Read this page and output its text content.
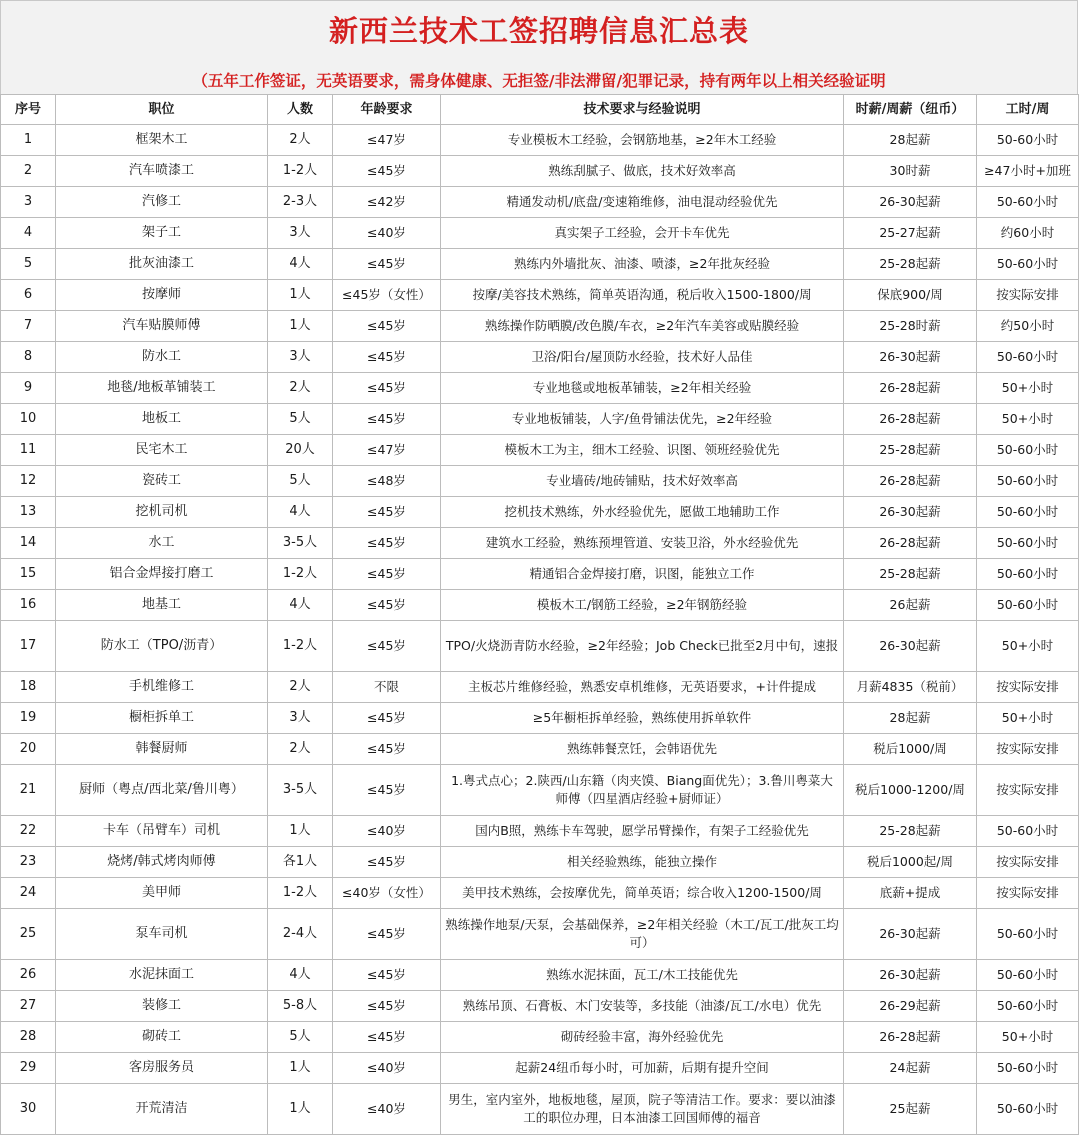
新西兰技术工签招聘信息汇总表
（五年工作签证，无英语要求，需身体健康、无拒签/非法滞留/犯罪记录，持有两年以上相关经验证明
序号	职位	人数	年龄要求	技术要求与经验说明	时薪/周薪（纽币）	工时/周
1	框架木工	2人	≤47岁	专业模板木工经验，会钢筋地基，≥2年木工经验	28起薪	50-60小时
2	汽车喷漆工	1-2人	≤45岁	熟练刮腻子、做底，技术好效率高	30时薪	≥47小时+加班
3	汽修工	2-3人	≤42岁	精通发动机/底盘/变速箱维修，油电混动经验优先	26-30起薪	50-60小时
4	架子工	3人	≤40岁	真实架子工经验，会开卡车优先	25-27起薪	约60小时
5	批灰油漆工	4人	≤45岁	熟练内外墙批灰、油漆、喷漆，≥2年批灰经验	25-28起薪	50-60小时
6	按摩师	1人	≤45岁（女性）	按摩/美容技术熟练，简单英语沟通，税后收入1500-1800/周	保底900/周	按实际安排
7	汽车贴膜师傅	1人	≤45岁	熟练操作防晒膜/改色膜/车衣，≥2年汽车美容或贴膜经验	25-28时薪	约50小时
8	防水工	3人	≤45岁	卫浴/阳台/屋顶防水经验，技术好人品佳	26-30起薪	50-60小时
9	地毯/地板革铺装工	2人	≤45岁	专业地毯或地板革铺装，≥2年相关经验	26-28起薪	50+小时
10	地板工	5人	≤45岁	专业地板铺装，人字/鱼骨铺法优先，≥2年经验	26-28起薪	50+小时
11	民宅木工	20人	≤47岁	模板木工为主，细木工经验、识图、领班经验优先	25-28起薪	50-60小时
12	瓷砖工	5人	≤48岁	专业墙砖/地砖铺贴，技术好效率高	26-28起薪	50-60小时
13	挖机司机	4人	≤45岁	挖机技术熟练，外水经验优先，愿做工地辅助工作	26-30起薪	50-60小时
14	水工	3-5人	≤45岁	建筑水工经验，熟练预埋管道、安装卫浴，外水经验优先	26-28起薪	50-60小时
15	铝合金焊接打磨工	1-2人	≤45岁	精通铝合金焊接打磨，识图，能独立工作	25-28起薪	50-60小时
16	地基工	4人	≤45岁	模板木工/钢筋工经验，≥2年钢筋经验	26起薪	50-60小时
17	防水工（TPO/沥青）	1-2人	≤45岁	TPO/火烧沥青防水经验，≥2年经验；Job Check已批至2月中旬，速报	26-30起薪	50+小时
18	手机维修工	2人	不限	主板芯片维修经验，熟悉安卓机维修，无英语要求，+计件提成	月薪4835（税前）	按实际安排
19	橱柜拆单工	3人	≤45岁	≥5年橱柜拆单经验，熟练使用拆单软件	28起薪	50+小时
20	韩餐厨师	2人	≤45岁	熟练韩餐烹饪，会韩语优先	税后1000/周	按实际安排
21	厨师（粤点/西北菜/鲁川粤）	3-5人	≤45岁	1.粤式点心；2.陕西/山东籍（肉夹馍、Biang面优先）；3.鲁川粤菜大师傅（四星酒店经验+厨师证）	税后1000-1200/周	按实际安排
22	卡车（吊臂车）司机	1人	≤40岁	国内B照，熟练卡车驾驶，愿学吊臂操作，有架子工经验优先	25-28起薪	50-60小时
23	烧烤/韩式烤肉师傅	各1人	≤45岁	相关经验熟练，能独立操作	税后1000起/周	按实际安排
24	美甲师	1-2人	≤40岁（女性）	美甲技术熟练，会按摩优先，简单英语；综合收入1200-1500/周	底薪+提成	按实际安排
25	泵车司机	2-4人	≤45岁	熟练操作地泵/天泵，会基础保养，≥2年相关经验（木工/瓦工/批灰工均可）	26-30起薪	50-60小时
26	水泥抹面工	4人	≤45岁	熟练水泥抹面，瓦工/木工技能优先	26-30起薪	50-60小时
27	装修工	5-8人	≤45岁	熟练吊顶、石膏板、木门安装等，多技能（油漆/瓦工/水电）优先	26-29起薪	50-60小时
28	砌砖工	5人	≤45岁	砌砖经验丰富，海外经验优先	26-28起薪	50+小时
29	客房服务员	1人	≤40岁	起薪24纽币每小时，可加薪，后期有提升空间	24起薪	50-60小时
30	开荒清洁	1人	≤40岁	男生，室内室外，地板地毯，屋顶，院子等清洁工作。要求：要以油漆工的职位办理，日本油漆工回国师傅的福音	25起薪	50-60小时
